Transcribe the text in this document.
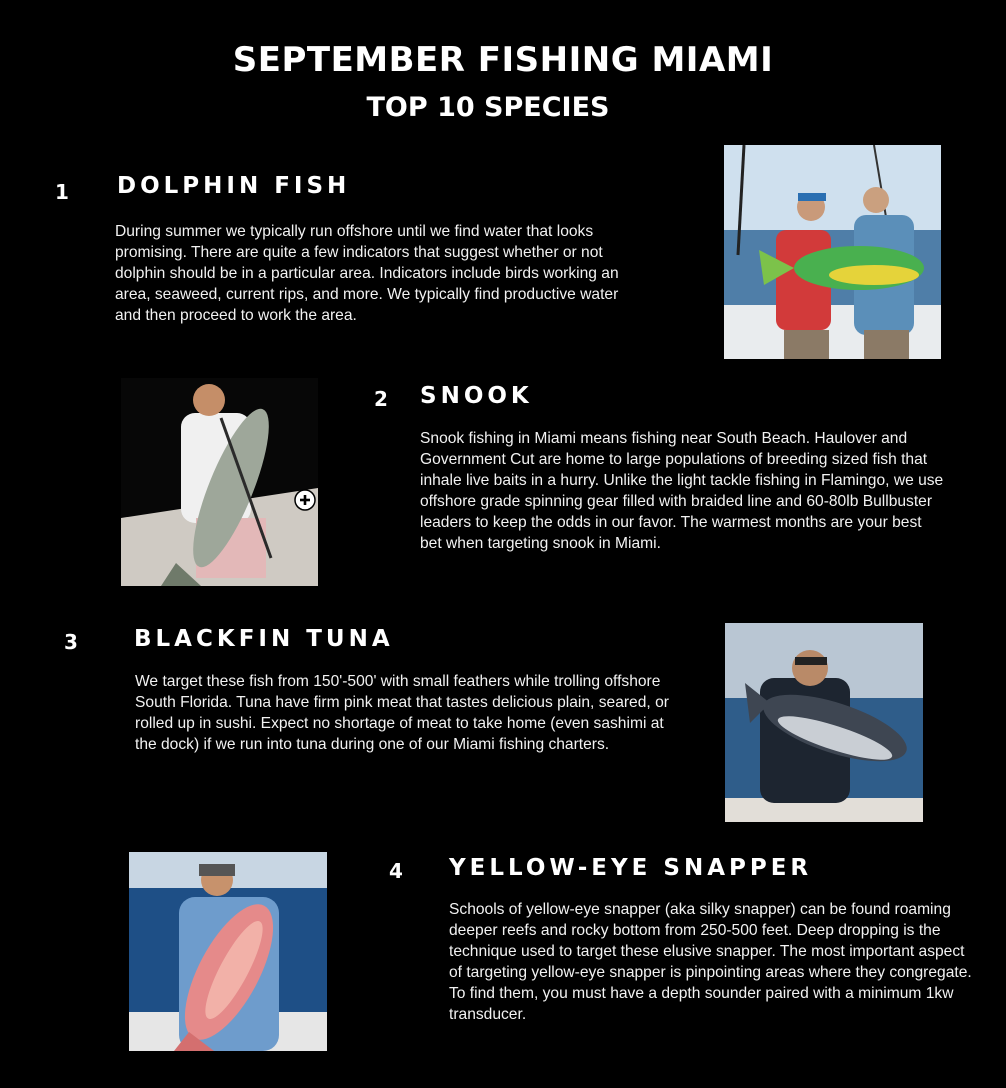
SEPTEMBER FISHING MIAMI
TOP 10 SPECIES
1 DOLPHIN FISH

During summer we typically run offshore until we find water that looks promising. There are quite a few indicators that suggest whether or not dolphin should be in a particular area. Indicators include birds working an area, seaweed, current rips, and more. We typically find productive water and then proceed to work the area.

2 SNOOK

Snook fishing in Miami means fishing near South Beach. Haulover and Government Cut are home to large populations of breeding sized fish that inhale live baits in a hurry. Unlike the light tackle fishing in Flamingo, we use offshore grade spinning gear filled with braided line and 60-80lb Bullbuster leaders to keep the odds in our favor. The warmest months are your best bet when targeting snook in Miami.

3 BLACKFIN TUNA

We target these fish from 150'-500' with small feathers while trolling offshore South Florida. Tuna have firm pink meat that tastes delicious plain, seared, or rolled up in sushi. Expect no shortage of meat to take home (even sashimi at the dock) if we run into tuna during one of our Miami fishing charters.

4 YELLOW-EYE SNAPPER

Schools of yellow-eye snapper (aka silky snapper) can be found roaming deeper reefs and rocky bottom from 250-500 feet. Deep dropping is the technique used to target these elusive snapper. The most important aspect of targeting yellow-eye snapper is pinpointing areas where they congregate. To find them, you must have a depth sounder paired with a minimum 1kw transducer.
